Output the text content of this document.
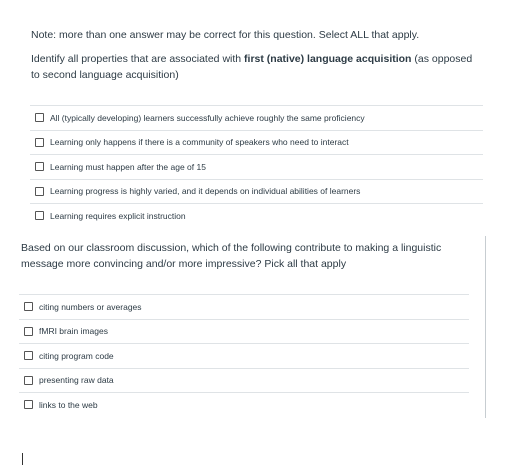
Note: more than one answer may be correct for this question. Select ALL that apply.
Identify all properties that are associated with first (native) language acquisition (as opposed to second language acquisition)
All (typically developing) learners successfully achieve roughly the same proficiency
Learning only happens if there is a community of speakers who need to interact
Learning must happen after the age of 15
Learning progress is highly varied, and it depends on individual abilities of learners
Learning requires explicit instruction
Based on our classroom discussion, which of the following contribute to making a linguistic message more convincing and/or more impressive? Pick all that apply
citing numbers or averages
fMRI brain images
citing program code
presenting raw data
links to the web
